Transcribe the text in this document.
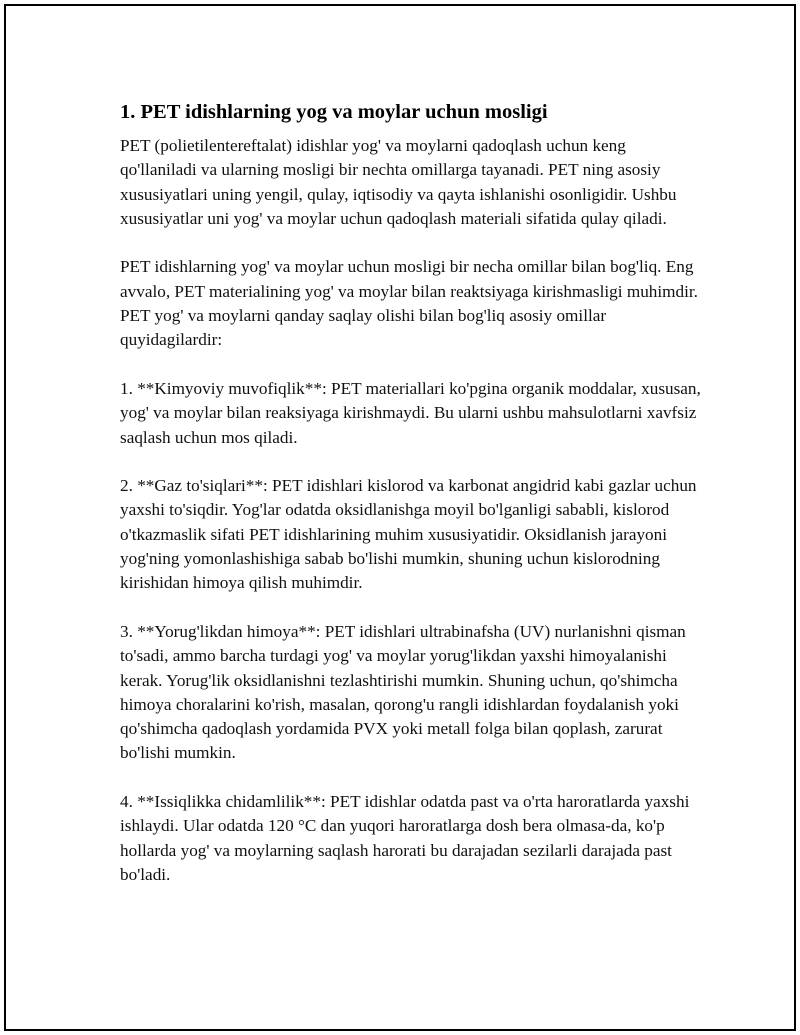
1. PET idishlarning yog va moylar uchun mosligi

PET (polietilentereftalat) idishlar yog' va moylarni qadoqlash uchun keng qo'llaniladi va ularning mosligi bir nechta omillarga tayanadi. PET ning asosiy xususiyatlari uning yengil, qulay, iqtisodiy va qayta ishlanishi osonligidir. Ushbu xususiyatlar uni yog' va moylar uchun qadoqlash materiali sifatida qulay qiladi.

PET idishlarning yog' va moylar uchun mosligi bir necha omillar bilan bog'liq. Eng avvalo, PET materialining yog' va moylar bilan reaktsiyaga kirishmasligi muhimdir. PET yog' va moylarni qanday saqlay olishi bilan bog'liq asosiy omillar quyidagilardir:

1. **Kimyoviy muvofiqlik**: PET materiallari ko'pgina organik moddalar, xususan, yog' va moylar bilan reaksiyaga kirishmaydi. Bu ularni ushbu mahsulotlarni xavfsiz saqlash uchun mos qiladi.

2. **Gaz to'siqlari**: PET idishlari kislorod va karbonat angidrid kabi gazlar uchun yaxshi to'siqdir. Yog'lar odatda oksidlanishga moyil bo'lganligi sababli, kislorod o'tkazmaslik sifati PET idishlarining muhim xususiyatidir. Oksidlanish jarayoni yog'ning yomonlashishiga sabab bo'lishi mumkin, shuning uchun kislorodning kirishidan himoya qilish muhimdir.

3. **Yorug'likdan himoya**: PET idishlari ultrabinafsha (UV) nurlanishni qisman to'sadi, ammo barcha turdagi yog' va moylar yorug'likdan yaxshi himoyalanishi kerak. Yorug'lik oksidlanishni tezlashtirishi mumkin. Shuning uchun, qo'shimcha himoya choralarini ko'rish, masalan, qorong'u rangli idishlardan foydalanish yoki qo'shimcha qadoqlash yordamida PVX yoki metall folga bilan qoplash, zarurat bo'lishi mumkin.

4. **Issiqlikka chidamlilik**: PET idishlar odatda past va o'rta haroratlarda yaxshi ishlaydi. Ular odatda 120 °C dan yuqori haroratlarga dosh bera olmasa-da, ko'p hollarda yog' va moylarning saqlash harorati bu darajadan sezilarli darajada past bo'ladi.
